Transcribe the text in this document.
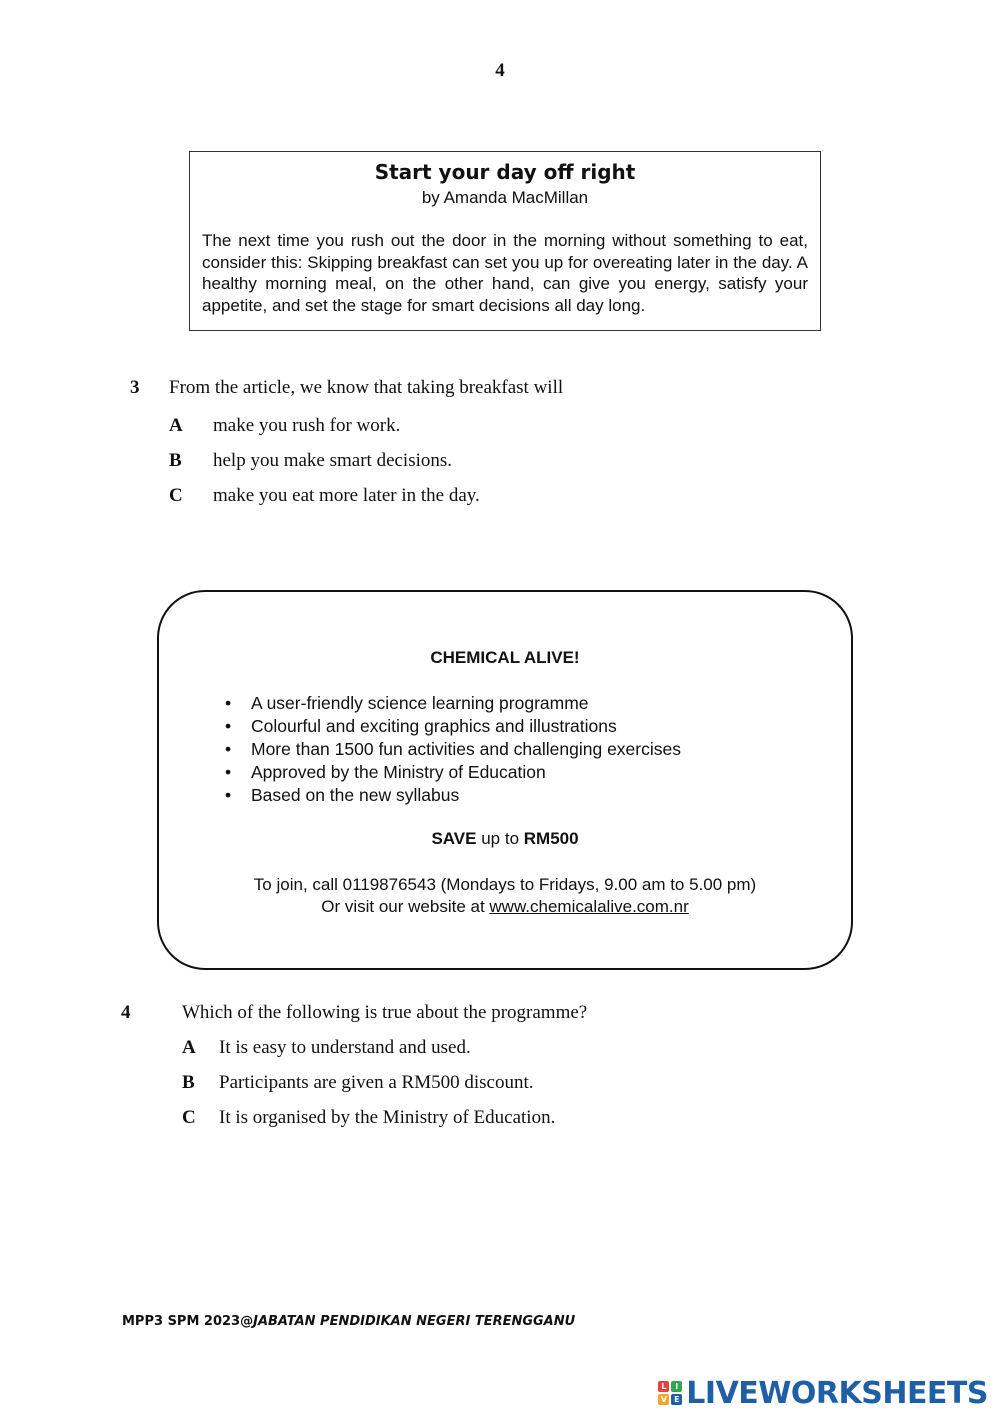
4
Start your day off right
by Amanda MacMillan
The next time you rush out the door in the morning without something to eat, consider this: Skipping breakfast can set you up for overeating later in the day. A healthy morning meal, on the other hand, can give you energy, satisfy your appetite, and set the stage for smart decisions all day long.
3 From the article, we know that taking breakfast will
A make you rush for work.
B help you make smart decisions.
C make you eat more later in the day.
CHEMICAL ALIVE!
• A user-friendly science learning programme
• Colourful and exciting graphics and illustrations
• More than 1500 fun activities and challenging exercises
• Approved by the Ministry of Education
• Based on the new syllabus
SAVE up to RM500
To join, call 0119876543 (Mondays to Fridays, 9.00 am to 5.00 pm)
Or visit our website at www.chemicalalive.com.nr
4	Which of the following is true about the programme?
A It is easy to understand and used.
B Participants are given a RM500 discount.
C It is organised by the Ministry of Education.
MPP3 SPM 2023@JABATAN PENDIDIKAN NEGERI TERENGGANU
L	I
V E LIVEWORKSHEETS
